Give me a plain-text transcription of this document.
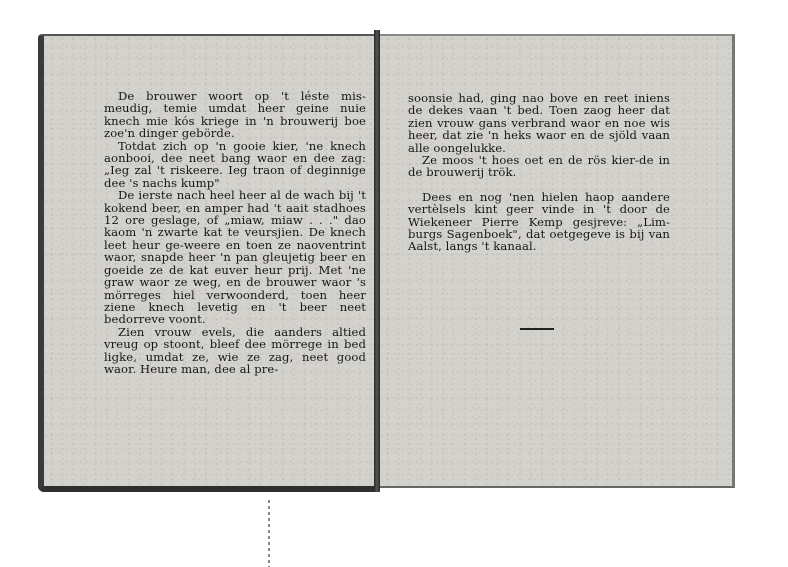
De brouwer woort op 't léste mis-meudig, temie umdat heer geine nuie knech mie kós kriege in 'n brouwerij boe zoe'n dinger gebörde.

Totdat zich op 'n gooie kier, 'ne knech aonbooi, dee neet bang waor en dee zag: „Ieg zal 't riskeere. Ieg traon of deginnige dee 's nachs kump"

De ierste nach heel heer al de wach bij 't kokend beer, en amper had 't aait stadhoes 12 ore geslage, of „miaw, miaw . . ." dao kaom 'n zwarte kat te veursjien. De knech leet heur ge-weere en toen ze naoventrint waor, snapde heer 'n pan gleujetig beer en goeide ze de kat euver heur prij. Met 'ne graw waor ze weg, en de brouwer waor 's mörreges hiel verwoonderd, toen heer ziene knech levetig en 't beer neet bedorreve voont.

Zien vrouw evels, die aanders altied vreug op stoont, bleef dee mörrege in bed ligke, umdat ze, wie ze zag, neet good waor. Heure man, dee al pre-

soonsie had, ging nao bove en reet iniens de dekes vaan 't bed. Toen zaog heer dat zien vrouw gans verbrand waor en noe wis heer, dat zie 'n heks waor en de sjöld vaan alle oongelukke.

Ze moos 't hoes oet en de rös kier-de in de brouwerij trök.

Dees en nog 'nen hielen haop aandere vertèlsels kint geer vinde in 't door de Wiekeneer Pierre Kemp gesjreve: „Lim-burgs Sagenboek", dat oetgegeve is bij van Aalst, langs 't kanaal.
